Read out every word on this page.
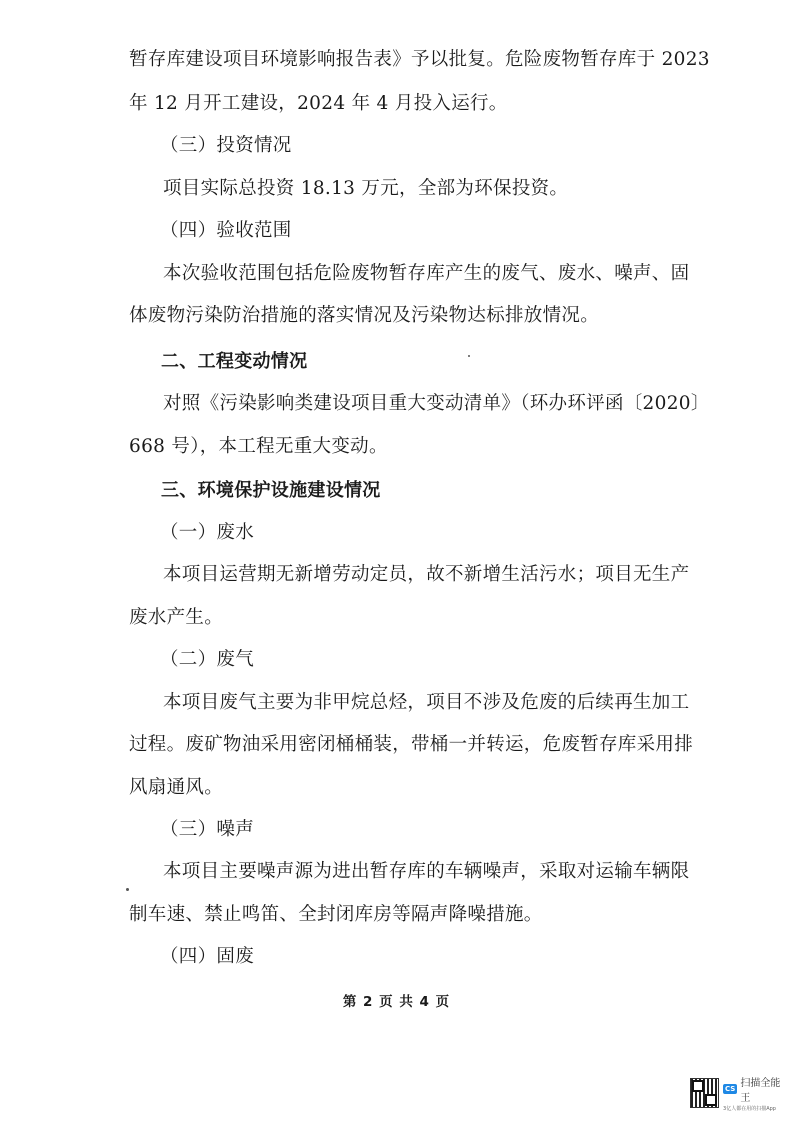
暂存库建设项目环境影响报告表》予以批复。危险废物暂存库于 2023
年 12 月开工建设，2024 年 4 月投入运行。
（三）投资情况
项目实际总投资 18.13 万元，全部为环保投资。
（四）验收范围
本次验收范围包括危险废物暂存库产生的废气、废水、噪声、固
体废物污染防治措施的落实情况及污染物达标排放情况。
二、工程变动情况
对照《污染影响类建设项目重大变动清单》（环办环评函〔2020〕
668 号），本工程无重大变动。
三、环境保护设施建设情况
（一）废水
本项目运营期无新增劳动定员，故不新增生活污水；项目无生产
废水产生。
（二）废气
本项目废气主要为非甲烷总烃，项目不涉及危废的后续再生加工
过程。废矿物油采用密闭桶桶装，带桶一并转运，危废暂存库采用排
风扇通风。
（三）噪声
本项目主要噪声源为进出暂存库的车辆噪声，采取对运输车辆限
制车速、禁止鸣笛、全封闭库房等隔声降噪措施。
（四）固废
第 2 页 共 4 页
CS 扫描全能王
3亿人都在用的扫描App
